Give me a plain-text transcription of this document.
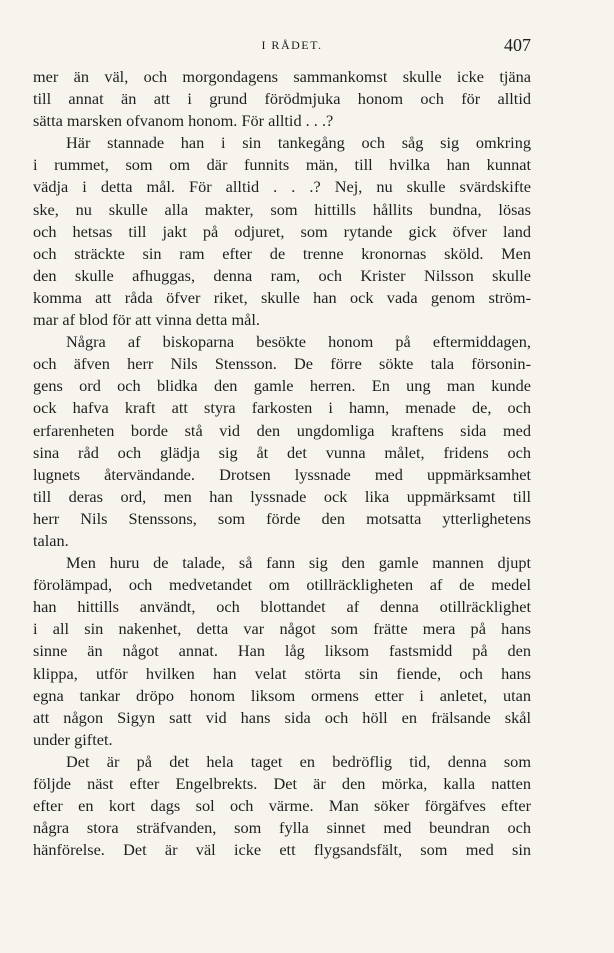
I RÅDET.	407
mer än väl, och morgondagens sammankomst skulle icke tjäna
till annat än att i grund förödmjuka honom och för alltid
sätta marsken ofvanom honom. För alltid . . .?
Här stannade han i sin tankegång och såg sig omkring
i rummet, som om där funnits män, till hvilka han kunnat
vädja i detta mål. För alltid . . .? Nej, nu skulle svärdskifte
ske, nu skulle alla makter, som hittills hållits bundna, lösas
och hetsas till jakt på odjuret, som rytande gick öfver land
och sträckte sin ram efter de trenne kronornas sköld. Men
den skulle afhuggas, denna ram, och Krister Nilsson skulle
komma att råda öfver riket, skulle han ock vada genom ström-
mar af blod för att vinna detta mål.
Några af biskoparna besökte honom på eftermiddagen,
och äfven herr Nils Stensson. De förre sökte tala försonin-
gens ord och blidka den gamle herren. En ung man kunde
ock hafva kraft att styra farkosten i hamn, menade de, och
erfarenheten borde stå vid den ungdomliga kraftens sida med
sina råd och glädja sig åt det vunna målet, fridens och
lugnets återvändande. Drotsen lyssnade med uppmärksamhet
till deras ord, men han lyssnade ock lika uppmärksamt till
herr Nils Stenssons, som förde den motsatta ytterlighetens
talan.
Men huru de talade, så fann sig den gamle mannen djupt
förolämpad, och medvetandet om otillräckligheten af de medel
han hittills användt, och blottandet af denna otillräcklighet
i all sin nakenhet, detta var något som frätte mera på hans
sinne än något annat. Han låg liksom fastsmidd på den
klippa, utför hvilken han velat störta sin fiende, och hans
egna tankar dröpo honom liksom ormens etter i anletet, utan
att någon Sigyn satt vid hans sida och höll en frälsande skål
under giftet.
Det är på det hela taget en bedröflig tid, denna som
följde näst efter Engelbrekts. Det är den mörka, kalla natten
efter en kort dags sol och värme. Man söker förgäfves efter
några stora sträfvanden, som fylla sinnet med beundran och
hänförelse. Det är väl icke ett flygsandsfält, som med sin
